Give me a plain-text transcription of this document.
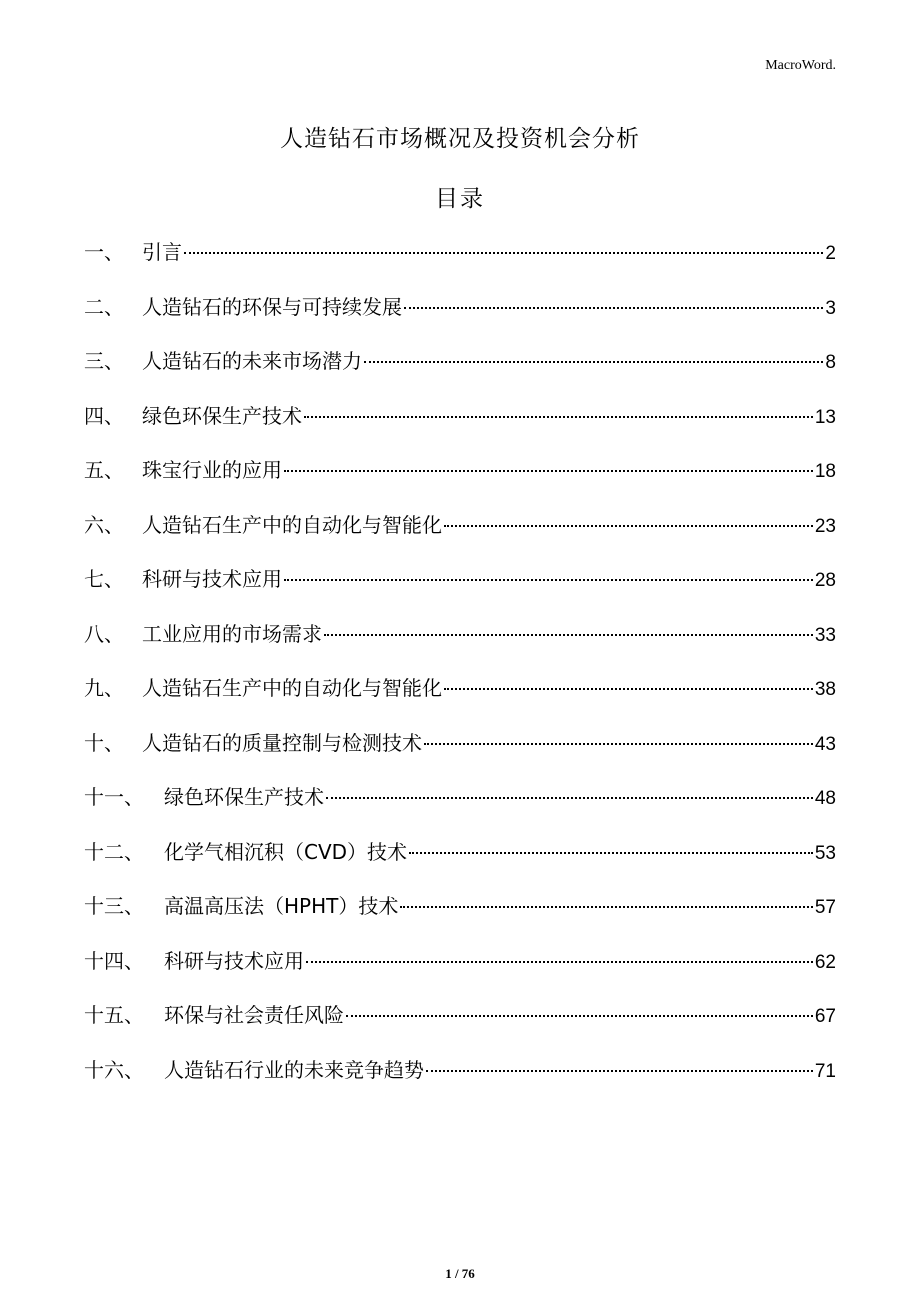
MacroWord.
人造钻石市场概况及投资机会分析
目录
一、 引言	2
二、 人造钻石的环保与可持续发展	3
三、 人造钻石的未来市场潜力	8
四、 绿色环保生产技术	13
五、 珠宝行业的应用	18
六、 人造钻石生产中的自动化与智能化	23
七、 科研与技术应用	28
八、 工业应用的市场需求	33
九、 人造钻石生产中的自动化与智能化	38
十、 人造钻石的质量控制与检测技术	43
十一、	绿色环保生产技术	48
十二、	化学气相沉积（CVD）技术	53
十三、	高温高压法（HPHT）技术	57
十四、	科研与技术应用	62
十五、	环保与社会责任风险	67
十六、	人造钻石行业的未来竞争趋势	71
1 / 76
